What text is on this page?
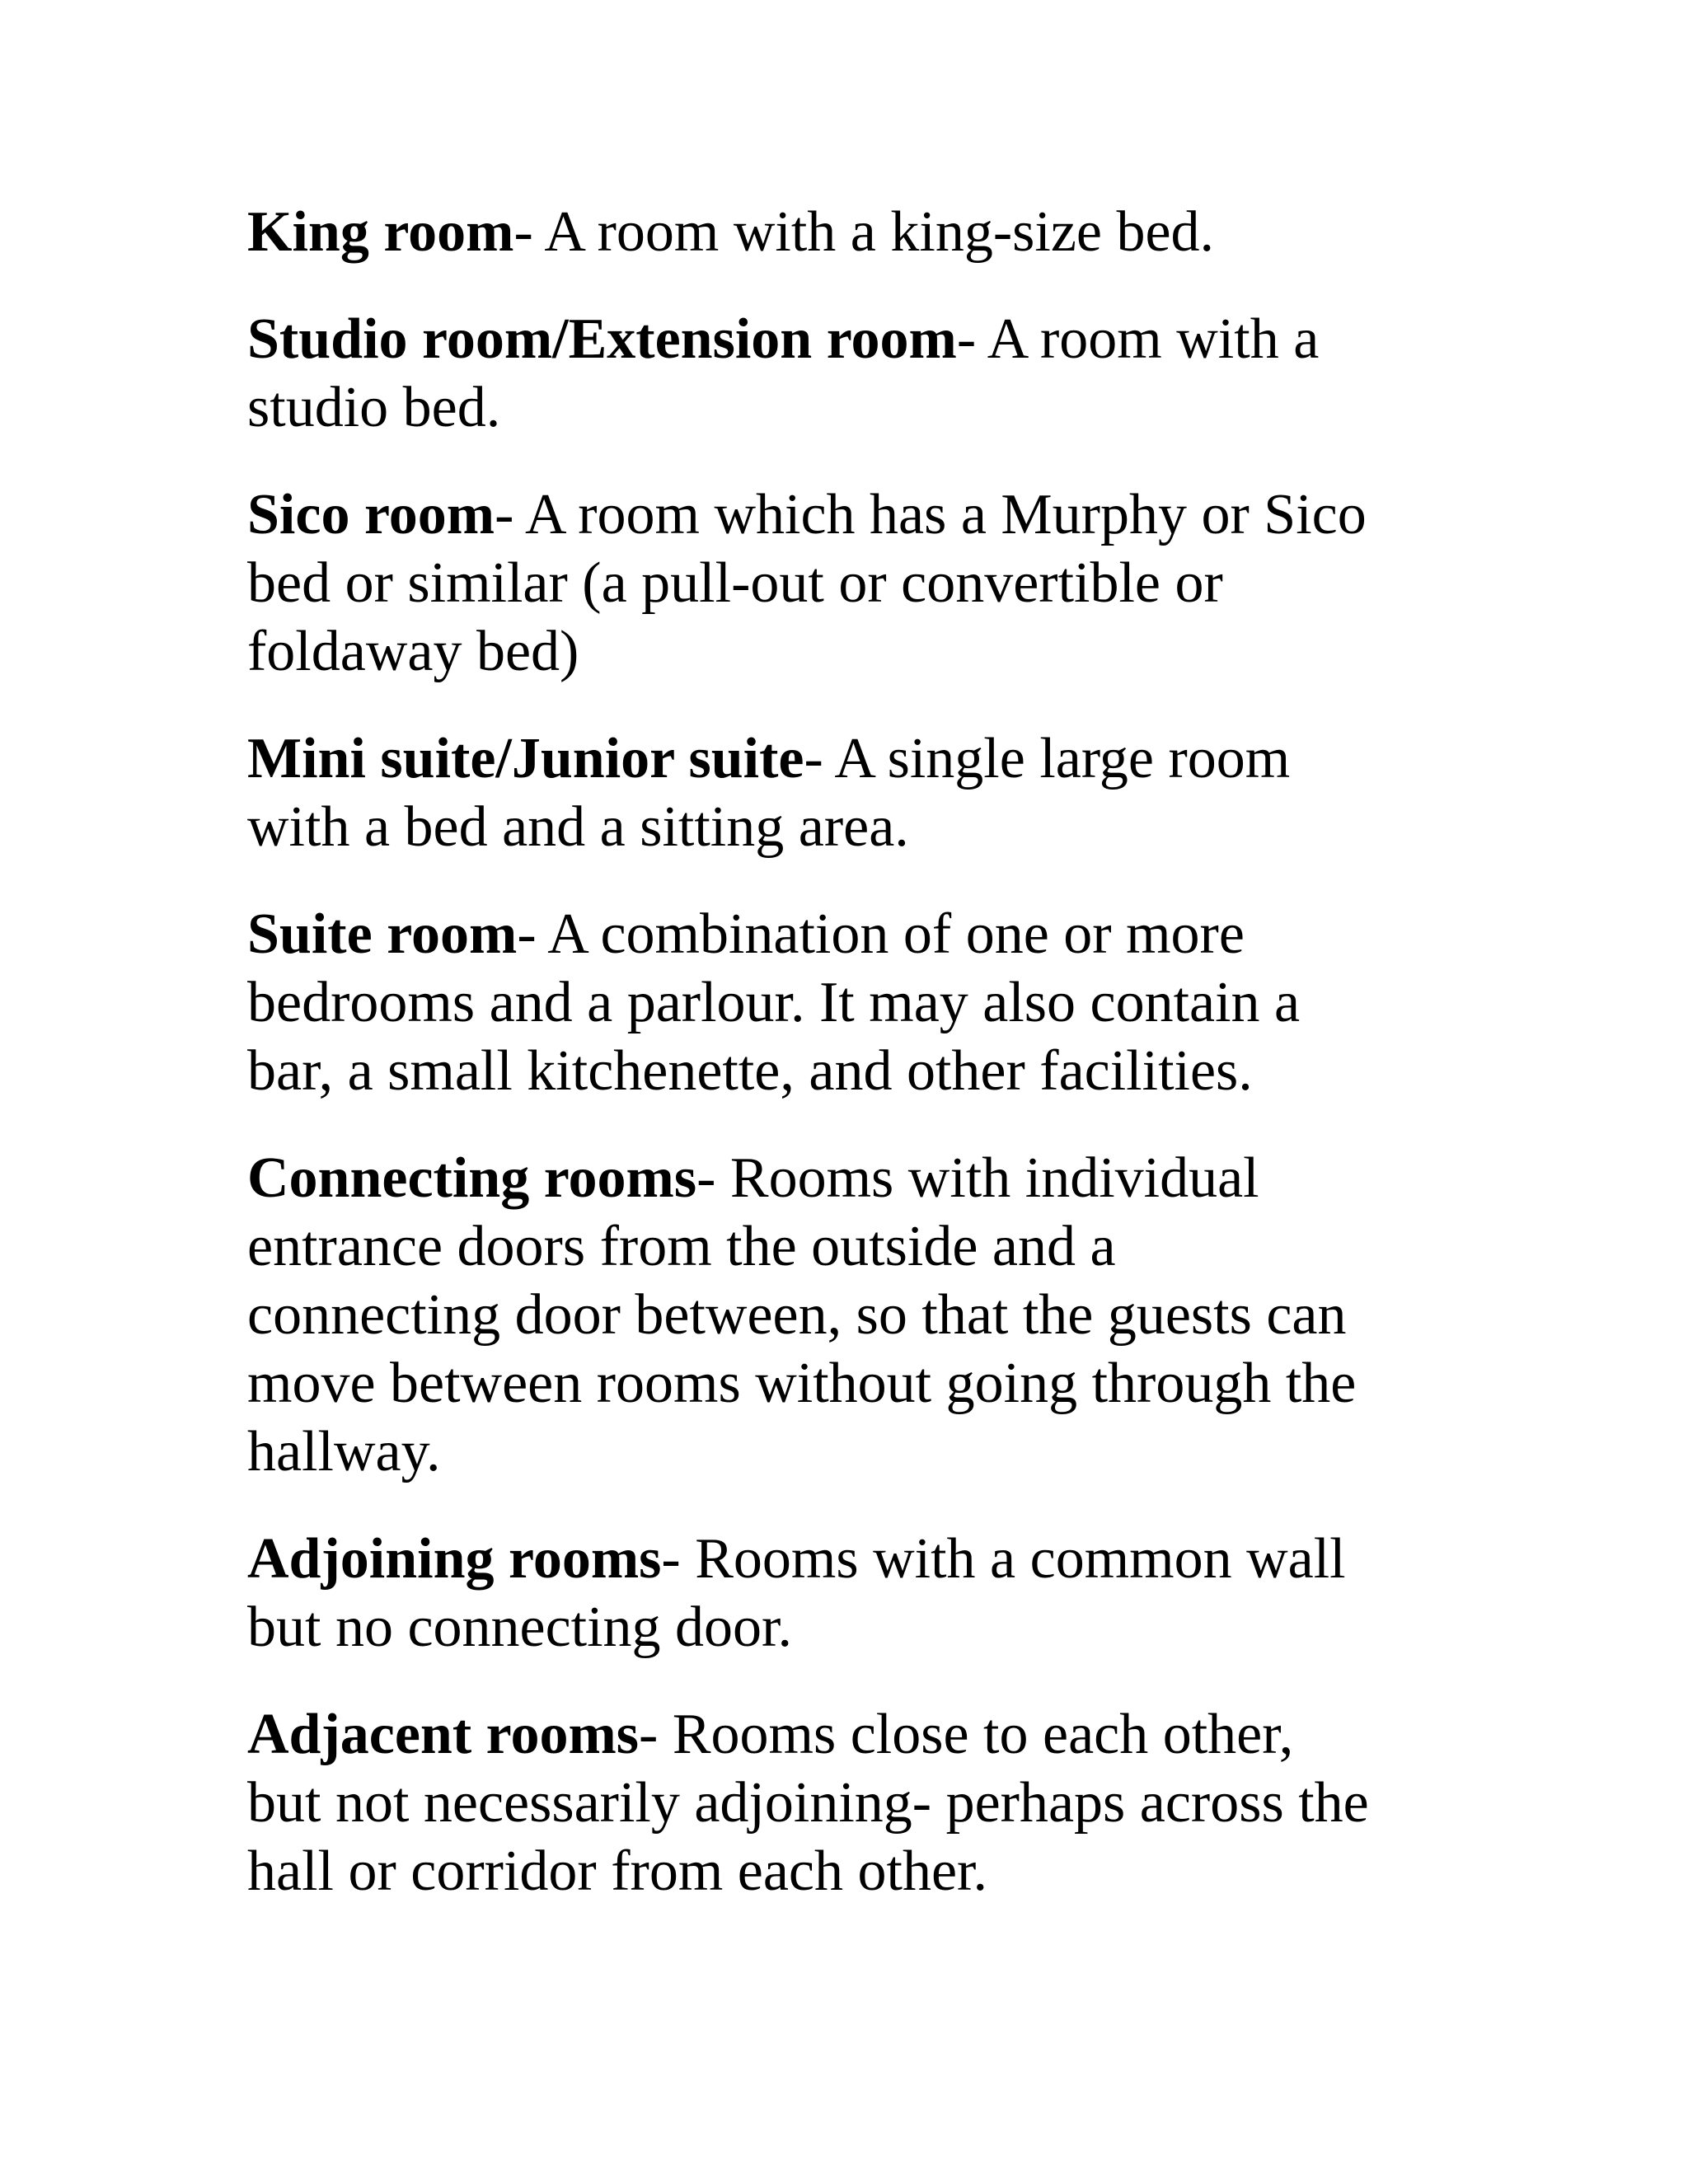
King room- A room with a king-size bed.
Studio room/Extension room- A room with a
studio bed.
Sico room- A room which has a Murphy or Sico
bed or similar (a pull-out or convertible or
foldaway bed)
Mini suite/Junior suite- A single large room
with a bed and a sitting area.
Suite room- A combination of one or more
bedrooms and a parlour. It may also contain a
bar, a small kitchenette, and other facilities.
Connecting rooms- Rooms with individual
entrance doors from the outside and a
connecting door between, so that the guests can
move between rooms without going through the
hallway.
Adjoining rooms- Rooms with a common wall
but no connecting door.
Adjacent rooms- Rooms close to each other,
but not necessarily adjoining- perhaps across the
hall or corridor from each other.
